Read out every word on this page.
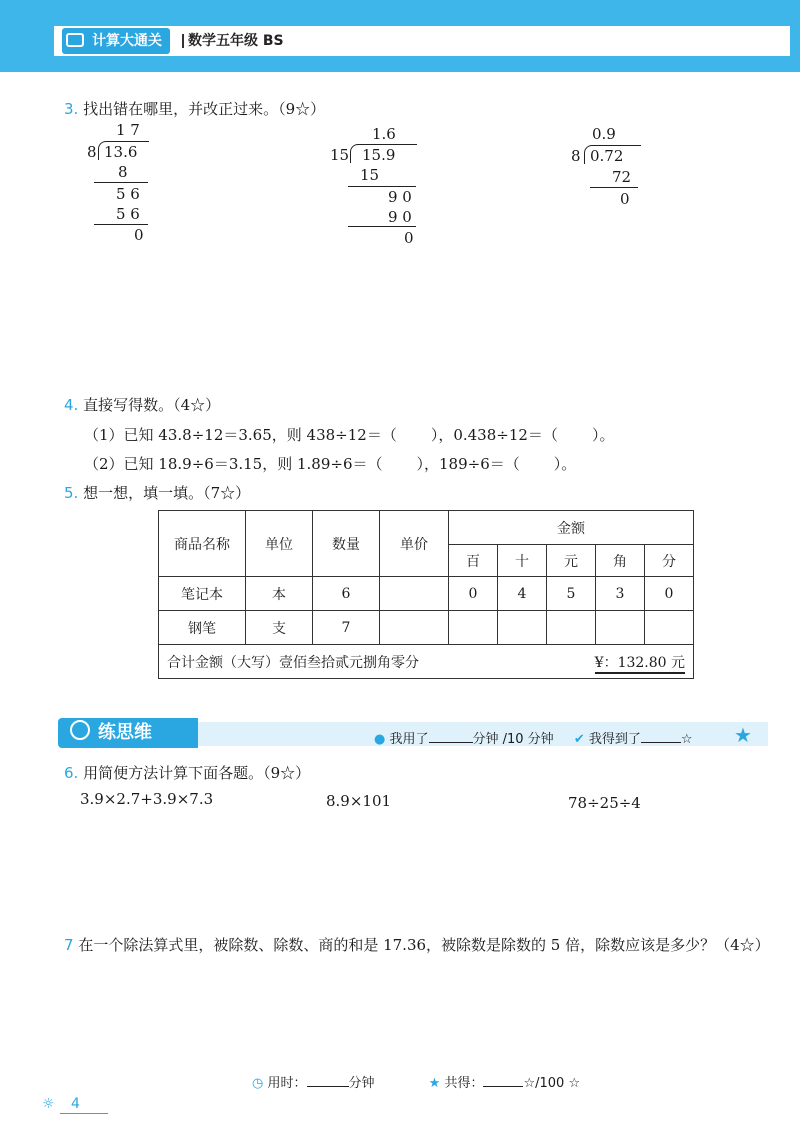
计算大通关	数学五年级 BS
3. 找出错在哪里，并改正过来。（9☆）
1 7
8 13.6
8
5 6
5 6
0
1.6
15 15.9
15
9 0
9 0
0
0.9
8 0.72
72
0
4. 直接写得数。（4☆）
（1）已知 43.8÷12＝3.65，则 438÷12＝（ ），0.438÷12＝（ ）。
（2）已知 18.9÷6＝3.15，则 1.89÷6＝（ ），189÷6＝（ ）。
5. 想一想，填一填。（7☆）
商品名称	单位	数量	单价	金额				
				百	十	元	角	分
笔记本	本	6		0	4	5	3	0
钢笔	支	7						
合计金额（大写）壹佰叁拾贰元捌角零分 ¥：132.80 元								
练思维	● 我用了	分钟 /10 分钟 ✔ 我得到了	☆ ★
6. 用简便方法计算下面各题。（9☆）
3.9×2.7+3.9×7.3	8.9×101	78÷25÷4
7 在一个除法算式里，被除数、除数、商的和是 17.36，被除数是除数的 5 倍，除数应该是多少？（4☆）
◷ 用时：	分钟	★ 共得：	☆/100 ☆
☼ 4
